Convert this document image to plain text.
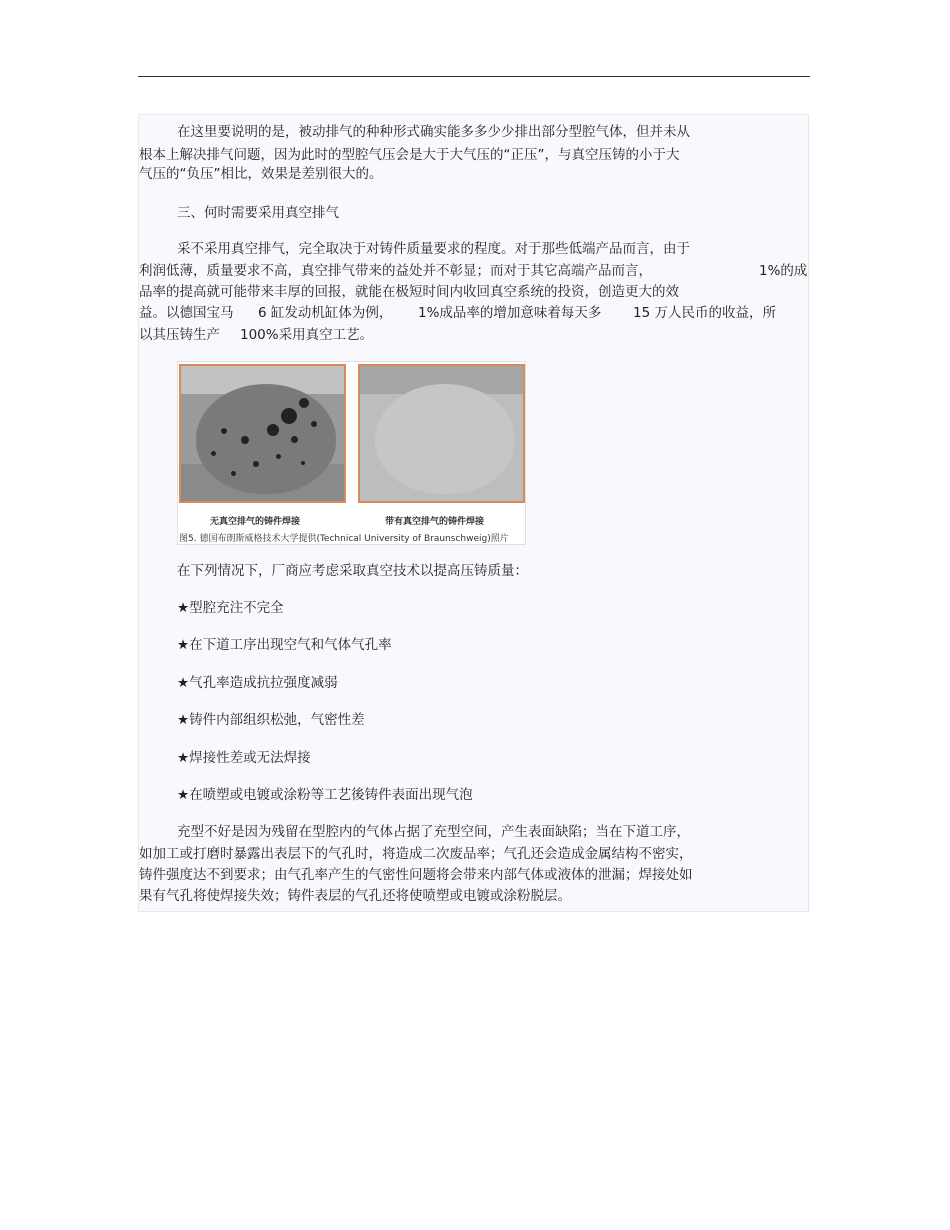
在这里要说明的是，被动排气的种种形式确实能多多少少排出部分型腔气体，但并未从
根本上解决排气问题，因为此时的型腔气压会是大于大气压的“正压”，与真空压铸的小于大
气压的“负压”相比，效果是差别很大的。
三、何时需要采用真空排气
采不采用真空排气，完全取决于对铸件质量要求的程度。对于那些低端产品而言，由于
利润低薄，质量要求不高，真空排气带来的益处并不彰显；而对于其它高端产品而言，	1%的成
品率的提高就可能带来丰厚的回报，就能在极短时间内收回真空系统的投资，创造更大的效
益。以德国宝马 6 缸发动机缸体为例， 1%成品率的增加意味着每天多 15 万人民币的收益，所
以其压铸生产 100%采用真空工艺。
无真空排气的铸件焊接	带有真空排气的铸件焊接
图5. 德国布朗斯威格技术大学提供(Technical University of Braunschweig)照片
在下列情况下，厂商应考虑采取真空技术以提高压铸质量：
★型腔充注不完全
★在下道工序出现空气和气体气孔率
★气孔率造成抗拉强度减弱
★铸件内部组织松弛，气密性差
★焊接性差或无法焊接
★在喷塑或电镀或涂粉等工艺後铸件表面出现气泡
充型不好是因为残留在型腔内的气体占据了充型空间，产生表面缺陷；当在下道工序，
如加工或打磨时暴露出表层下的气孔时，将造成二次废品率；气孔还会造成金属结构不密实，
铸件强度达不到要求；由气孔率产生的气密性问题将会带来内部气体或液体的泄漏；焊接处如
果有气孔将使焊接失效；铸件表层的气孔还将使喷塑或电镀或涂粉脱层。
